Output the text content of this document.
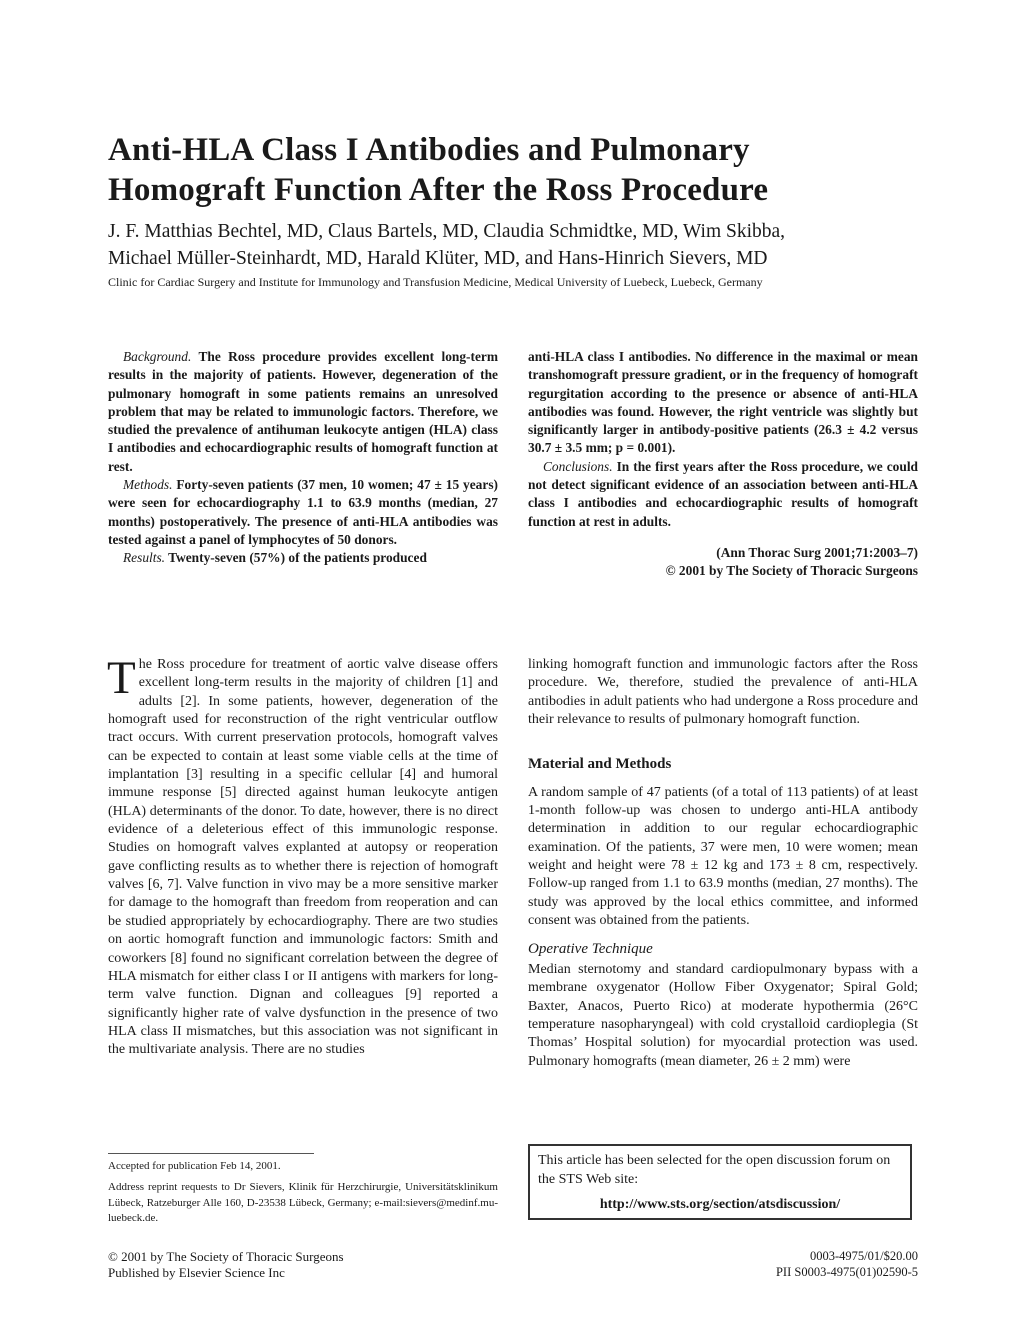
Anti-HLA Class I Antibodies and Pulmonary
Homograft Function After the Ross Procedure
J. F. Matthias Bechtel, MD, Claus Bartels, MD, Claudia Schmidtke, MD, Wim Skibba,
Michael Müller-Steinhardt, MD, Harald Klüter, MD, and Hans-Hinrich Sievers, MD
Clinic for Cardiac Surgery and Institute for Immunology and Transfusion Medicine, Medical University of Luebeck, Luebeck, Germany

Background. The Ross procedure provides excellent long-term results in the majority of patients. However, degeneration of the pulmonary homograft in some patients remains an unresolved problem that may be related to immunologic factors. Therefore, we studied the prevalence of antihuman leukocyte antigen (HLA) class I antibodies and echocardiographic results of homograft function at rest.

Methods. Forty-seven patients (37 men, 10 women; 47 ± 15 years) were seen for echocardiography 1.1 to 63.9 months (median, 27 months) postoperatively. The presence of anti-HLA antibodies was tested against a panel of lymphocytes of 50 donors.

Results. Twenty-seven (57%) of the patients produced

anti-HLA class I antibodies. No difference in the maximal or mean transhomograft pressure gradient, or in the frequency of homograft regurgitation according to the presence or absence of anti-HLA antibodies was found. However, the right ventricle was slightly but significantly larger in antibody-positive patients (26.3 ± 4.2 versus 30.7 ± 3.5 mm; p = 0.001).

Conclusions. In the first years after the Ross procedure, we could not detect significant evidence of an association between anti-HLA class I antibodies and echocardiographic results of homograft function at rest in adults.

(Ann Thorac Surg 2001;71:2003–7)

© 2001 by The Society of Thoracic Surgeons

The Ross procedure for treatment of aortic valve disease offers excellent long-term results in the majority of children [1] and adults [2]. In some patients, however, degeneration of the homograft used for reconstruction of the right ventricular outflow tract occurs. With current preservation protocols, homograft valves can be expected to contain at least some viable cells at the time of implantation [3] resulting in a specific cellular [4] and humoral immune response [5] directed against human leukocyte antigen (HLA) determinants of the donor. To date, however, there is no direct evidence of a deleterious effect of this immunologic response. Studies on homograft valves explanted at autopsy or reoperation gave conflicting results as to whether there is rejection of homograft valves [6, 7]. Valve function in vivo may be a more sensitive marker for damage to the homograft than freedom from reoperation and can be studied appropriately by echocardiography. There are two studies on aortic homograft function and immunologic factors: Smith and coworkers [8] found no significant correlation between the degree of HLA mismatch for either class I or II antigens with markers for long-term valve function. Dignan and colleagues [9] reported a significantly higher rate of valve dysfunction in the presence of two HLA class II mismatches, but this association was not significant in the multivariate analysis. There are no studies

linking homograft function and immunologic factors after the Ross procedure. We, therefore, studied the prevalence of anti-HLA antibodies in adult patients who had undergone a Ross procedure and their relevance to results of pulmonary homograft function.

Material and Methods

A random sample of 47 patients (of a total of 113 patients) of at least 1-month follow-up was chosen to undergo anti-HLA antibody determination in addition to our regular echocardiographic examination. Of the patients, 37 were men, 10 were women; mean weight and height were 78 ± 12 kg and 173 ± 8 cm, respectively. Follow-up ranged from 1.1 to 63.9 months (median, 27 months). The study was approved by the local ethics committee, and informed consent was obtained from the patients.

Operative Technique

Median sternotomy and standard cardiopulmonary bypass with a membrane oxygenator (Hollow Fiber Oxygenator; Spiral Gold; Baxter, Anacos, Puerto Rico) at moderate hypothermia (26°C temperature nasopharyngeal) with cold crystalloid cardioplegia (St Thomas’ Hospital solution) for myocardial protection was used. Pulmonary homografts (mean diameter, 26 ± 2 mm) were

Accepted for publication Feb 14, 2001.
Address reprint requests to Dr Sievers, Klinik für Herzchirurgie, Universitätsklinikum Lübeck, Ratzeburger Alle 160, D-23538 Lübeck, Germany; e-mail:sievers@medinf.mu-luebeck.de.
This article has been selected for the open discussion forum on the STS Web site:
http://www.sts.org/section/atsdiscussion/
© 2001 by The Society of Thoracic Surgeons
Published by Elsevier Science Inc
0003-4975/01/$20.00
PII S0003-4975(01)02590-5
